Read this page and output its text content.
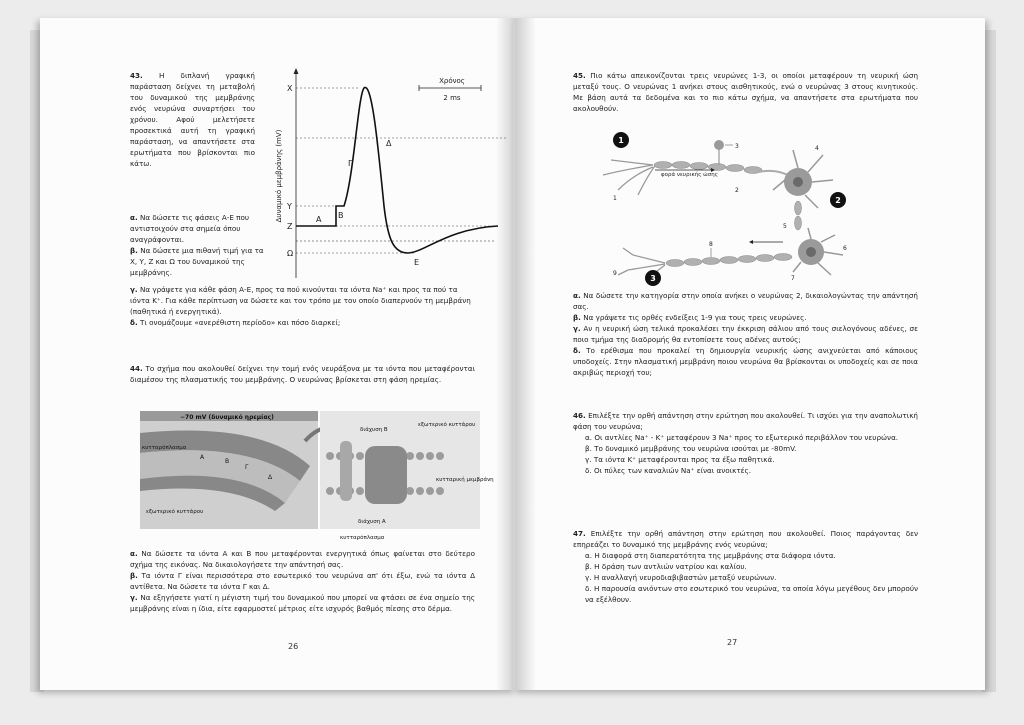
43. Η διπλανή γραφική παράσταση δείχνει τη μεταβολή του δυναμικού της μεμβράνης ενός νευρώνα συναρτήσει του χρόνου. Αφού μελετήσετε προσεκτικά αυτή τη γραφική παράσταση, να απαντήσετε στα ερωτήματα που βρίσκονται πιο κάτω.
Χρόνος
2 ms
Δυναμικό μεμβράνης (mV)
Χ
Υ
Ζ
Ω
Α Β
Γ
Δ
Ε

α. Να δώσετε τις φάσεις Α-Ε που αντιστοιχούν στα σημεία όπου αναγράφονται.

β. Να δώσετε μια πιθανή τιμή για τα Χ, Υ, Ζ και Ω του δυναμικού της μεμβράνης.

γ. Να γράψετε για κάθε φάση Α-Ε, προς τα πού κινούνται τα ιόντα Na⁺ και προς τα πού τα ιόντα Κ⁺. Για κάθε περίπτωση να δώσετε και τον τρόπο με τον οποίο διαπερνούν τη μεμβράνη (παθητικά ή ενεργητικά).

δ. Τι ονομάζουμε «ανερέθιστη περίοδο» και πόσο διαρκεί;

44. Το σχήμα που ακολουθεί δείχνει την τομή ενός νευράξονα με τα ιόντα που μεταφέρονται διαμέσου της πλασματικής του μεμβράνης. Ο νευρώνας βρίσκεται στη φάση ηρεμίας.
−70 mV (δυναμικό ηρεμίας)
κυτταρόπλασμα
εξωτερικό κυττάρου
Α
Β
Γ
Δ
διάχυση Β
διάχυση Α
εξωτερικό κυττάρου
κυτταρική μεμβράνη
κυτταρόπλασμα

α. Να δώσετε τα ιόντα Α και Β που μεταφέρονται ενεργητικά όπως φαίνεται στο δεύτερο σχήμα της εικόνας. Να δικαιολογήσετε την απάντησή σας.

β. Τα ιόντα Γ είναι περισσότερα στο εσωτερικό του νευρώνα απ' ότι έξω, ενώ τα ιόντα Δ αντίθετα. Να δώσετε τα ιόντα Γ και Δ.

γ. Να εξηγήσετε γιατί η μέγιστη τιμή του δυναμικού που μπορεί να φτάσει σε ένα σημείο της μεμβράνης είναι η ίδια, είτε εφαρμοστεί μέτριος είτε ισχυρός βαθμός πίεσης στο δέρμα.

26
45. Πιο κάτω απεικονίζονται τρεις νευρώνες 1-3, οι οποίοι μεταφέρουν τη νευρική ώση μεταξύ τους. Ο νευρώνας 1 ανήκει στους αισθητικούς, ενώ ο νευρώνας 3 στους κινητικούς. Με βάση αυτά τα δεδομένα και το πιο κάτω σχήμα, να απαντήσετε στα ερωτήματα που ακολουθούν.
1
3
φορά νευρικής ώσης
1
2
4
2
5
6
7
8
9
3

α. Να δώσετε την κατηγορία στην οποία ανήκει ο νευρώνας 2, δικαιολογώντας την απάντησή σας.

β. Να γράψετε τις ορθές ενδείξεις 1-9 για τους τρεις νευρώνες.

γ. Αν η νευρική ώση τελικά προκαλέσει την έκκριση σάλιου από τους σιελογόνους αδένες, σε ποιο τμήμα της διαδρομής θα εντοπίσετε τους αδένες αυτούς;

δ. Το ερέθισμα που προκαλεί τη δημιουργία νευρικής ώσης ανιχνεύεται από κάποιους υποδοχείς. Στην πλασματική μεμβράνη ποιου νευρώνα θα βρίσκονται οι υποδοχείς και σε ποια ακριβώς περιοχή του;

46. Επιλέξτε την ορθή απάντηση στην ερώτηση που ακολουθεί. Τι ισχύει για την αναπολωτική φάση του νευρώνα;

α. Οι αντλίες Na⁺ - Κ⁺ μεταφέρουν 3 Na⁺ προς το εξωτερικό περιβάλλον του νευρώνα.

β. Το δυναμικό μεμβράνης του νευρώνα ισούται με -80mV.

γ. Τα ιόντα Κ⁺ μεταφέρονται προς τα έξω παθητικά.

δ. Οι πύλες των καναλιών Na⁺ είναι ανοικτές.

47. Επιλέξτε την ορθή απάντηση στην ερώτηση που ακολουθεί. Ποιος παράγοντας δεν επηρεάζει το δυναμικό της μεμβράνης ενός νευρώνα;

α. Η διαφορά στη διαπερατότητα της μεμβράνης στα διάφορα ιόντα.

β. Η δράση των αντλιών νατρίου και καλίου.

γ. Η αναλλαγή νευροδιαβιβαστών μεταξύ νευρώνων.

δ. Η παρουσία ανιόντων στο εσωτερικό του νευρώνα, τα οποία λόγω μεγέθους δεν μπορούν να εξέλθουν.

27
